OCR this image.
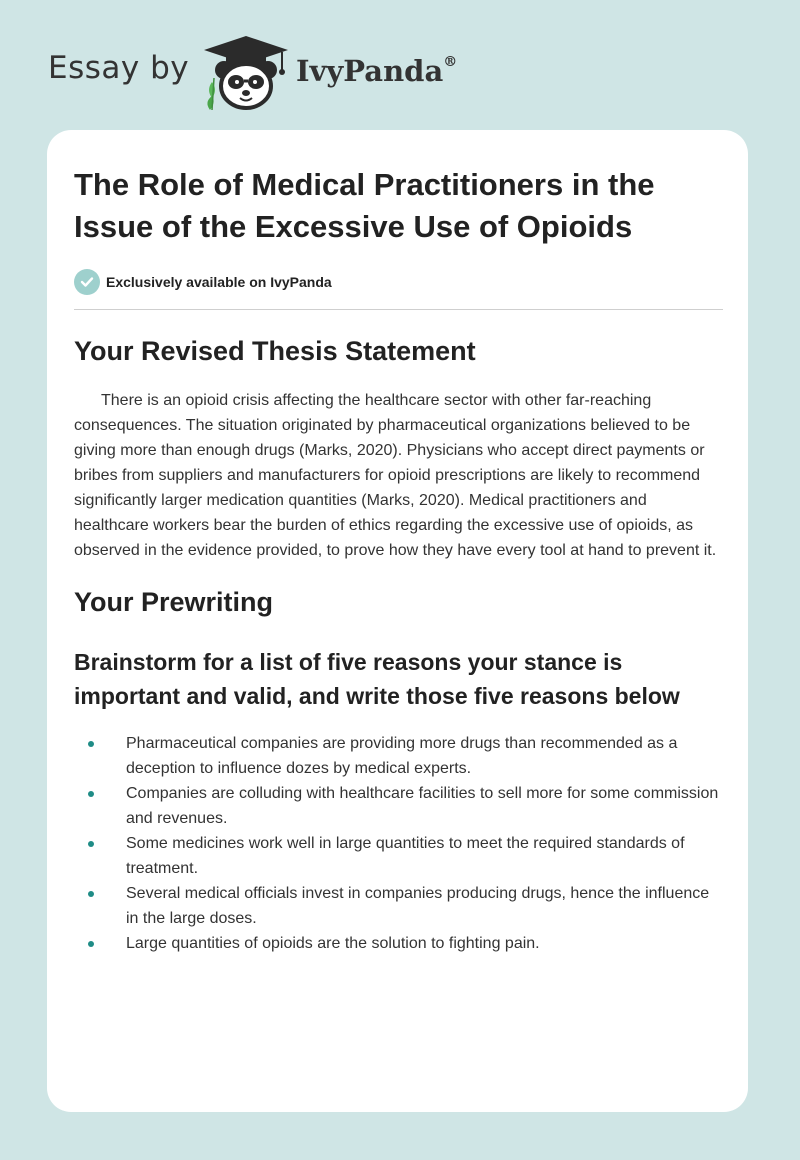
Essay by	IvyPanda®
The Role of Medical Practitioners in the Issue of the Excessive Use of Opioids
Exclusively available on IvyPanda
Your Revised Thesis Statement

There is an opioid crisis affecting the healthcare sector with other far-reaching consequences. The situation originated by pharmaceutical organizations believed to be giving more than enough drugs (Marks, 2020). Physicians who accept direct payments or bribes from suppliers and manufacturers for opioid prescriptions are likely to recommend significantly larger medication quantities (Marks, 2020). Medical practitioners and healthcare workers bear the burden of ethics regarding the excessive use of opioids, as observed in the evidence provided, to prove how they have every tool at hand to prevent it.

Your Prewriting
Brainstorm for a list of five reasons your stance is important and valid, and write those five reasons below
Pharmaceutical companies are providing more drugs than recommended as a deception to influence dozes by medical experts.
Companies are colluding with healthcare facilities to sell more for some commission and revenues.
Some medicines work well in large quantities to meet the required standards of treatment.
Several medical officials invest in companies producing drugs, hence the influence in the large doses.
Large quantities of opioids are the solution to fighting pain.
